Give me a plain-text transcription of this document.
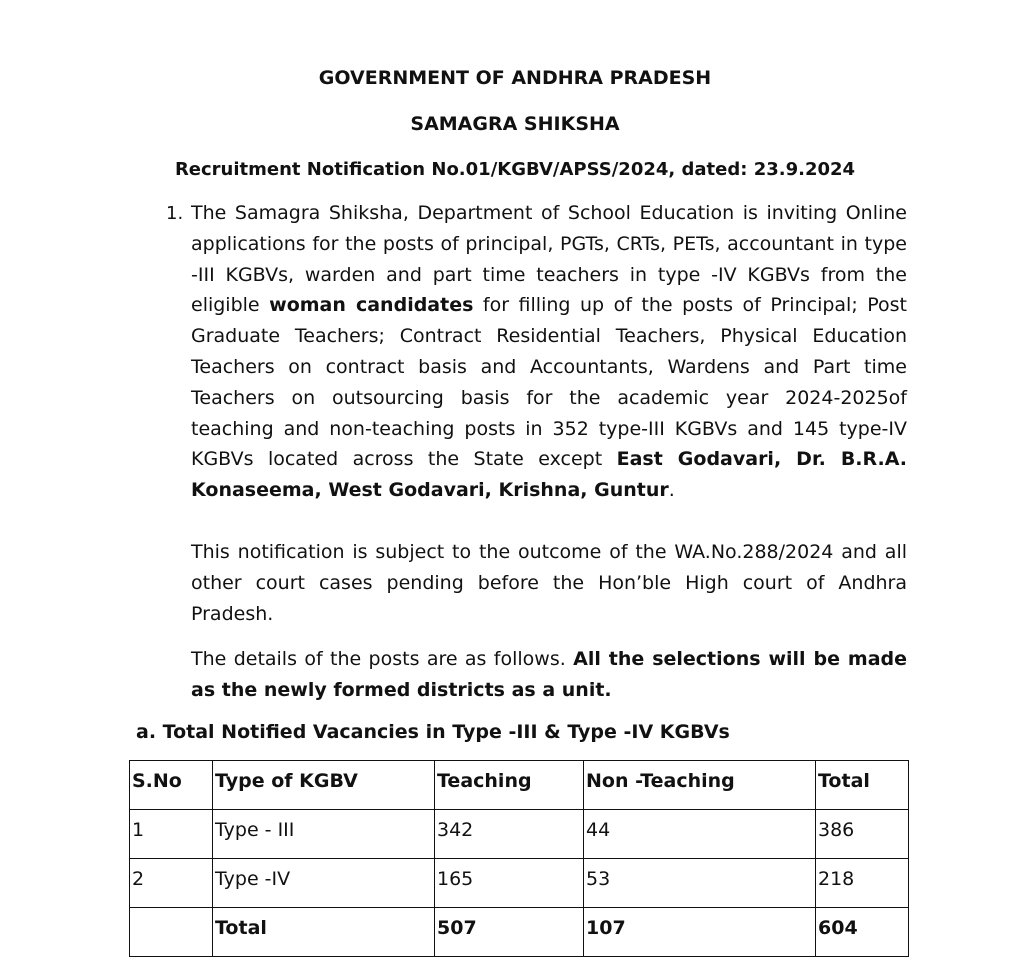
GOVERNMENT OF ANDHRA PRADESH

SAMAGRA SHIKSHA

Recruitment Notification No.01/KGBV/APSS/2024, dated: 23.9.2024

1. The Samagra Shiksha, Department of School Education is inviting Online applications for the posts of principal, PGTs, CRTs, PETs, accountant in type -III KGBVs, warden and part time teachers in type -IV KGBVs from the eligible woman candidates for filling up of the posts of Principal; Post Graduate Teachers; Contract Residential Teachers, Physical Education Teachers on contract basis and Accountants, Wardens and Part time Teachers on outsourcing basis for the academic year 2024-2025of teaching and non-teaching posts in 352 type-III KGBVs and 145 type-IV KGBVs located across the State except East Godavari, Dr. B.R.A. Konaseema, West Godavari, Krishna, Guntur.

This notification is subject to the outcome of the WA.No.288/2024 and all other court cases pending before the Hon’ble High court of Andhra Pradesh.

The details of the posts are as follows. All the selections will be made as the newly formed districts as a unit.

a. Total Notified Vacancies in Type -III & Type -IV KGBVs

S.No	Type of KGBV	Teaching	Non -Teaching	Total
1	Type - III	342	44	386
2	Type -IV	165	53	218
	Total	507	107	604
